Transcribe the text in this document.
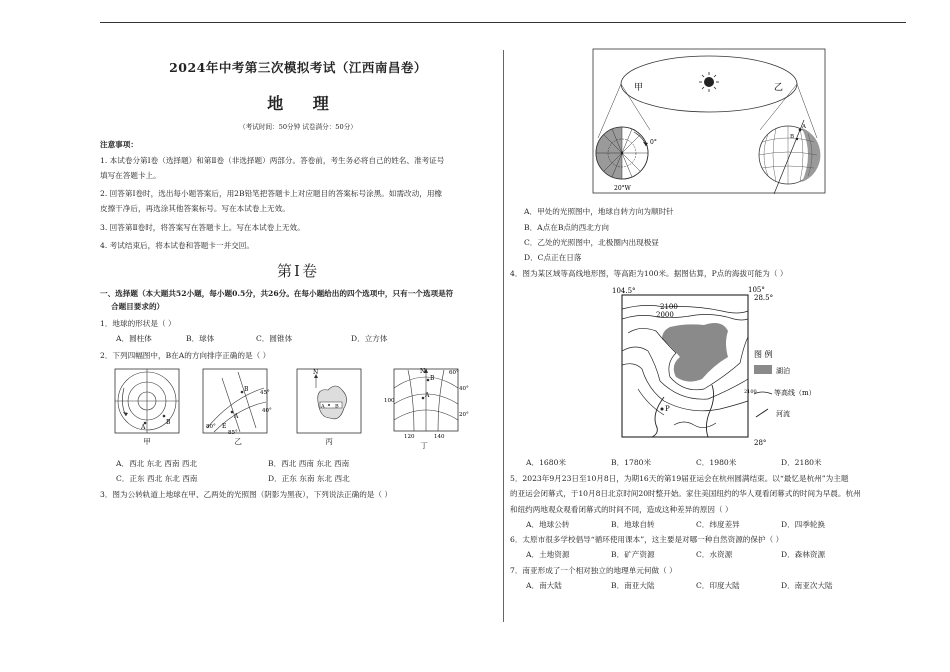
2024年中考第三次模拟考试（江西南昌卷）
地 理
（考试时间：50分钟 试卷满分：50分）
注意事项：
1. 本试卷分第Ⅰ卷（选择题）和第Ⅱ卷（非选择题）两部分。答卷前，考生务必将自己的姓名、准考证号
填写在答题卡上。
2. 回答第Ⅰ卷时，选出每小题答案后，用2B铅笔把答题卡上对应题目的答案标号涂黑。如需改动，用橡
皮擦干净后，再选涂其他答案标号。写在本试卷上无效。
3. 回答第Ⅱ卷时，将答案写在答题卡上。写在本试卷上无效。
4. 考试结束后，将本试卷和答题卡一并交回。
第Ⅰ卷
一、选择题（本大题共52小题，每小题0.5分，共26分。在每小题给出的四个选项中，只有一个选项是符
合题目要求的）
1．地球的形状是（ ）
A．圆柱体	B．球体	C．圆锥体	D．立方体
2．下列四幅图中，B在A的方向排序正确的是（ ）
A
B
甲
B
A
E
45°
40°
80°
85°
乙
N
A B
丙
N
B
A
60°
40°
20°
100
120	140
丁
A．西北 东北 西南 西北	B．西北 西南 东北 西南
C．正东 西北 东北 西南	D．正东 东南 东北 西北
3．图为公转轨道上地球在甲、乙两处的光照图（阴影为黑夜），下列说法正确的是（ ）
甲	乙
0°
20°W
A
B
A．甲处的光照图中，地球自转方向为顺时针
B．A点在B点的西北方向
C．乙处的光照图中，北极圈内出现极昼
D．C点正在日落
4．图为某区域等高线地形图，等高距为100米。据图估算，P点的海拔可能为（ ）
104.5°	105°
28.5°
28°
2100
2000
P
图 例
湖泊
2100 等高线（m）
河流
A．1680米	B．1780米	C．1980米	D．2180米
5．2023年9月23日至10月8日，为期16天的第19届亚运会在杭州圆满结束。以“最忆是杭州”为主题
的亚运会闭幕式，于10月8日北京时间20时整开始。家住美国纽约的华人观看闭幕式的时间为早晨。杭州
和纽约两地观众观看闭幕式的时间不同，造成这种差异的原因（ ）
A．地球公转	B．地球自转	C．纬度差异	D．四季轮换
6．太原市很多学校倡导“循环使用课本”，这主要是对哪一种自然资源的保护（ ）
A．土地资源	B．矿产资源	C．水资源	D．森林资源
7．南亚形成了一个相对独立的地理单元何做（ ）
A．南大陆	B．南亚大陆	C．印度大陆	D．南亚次大陆
